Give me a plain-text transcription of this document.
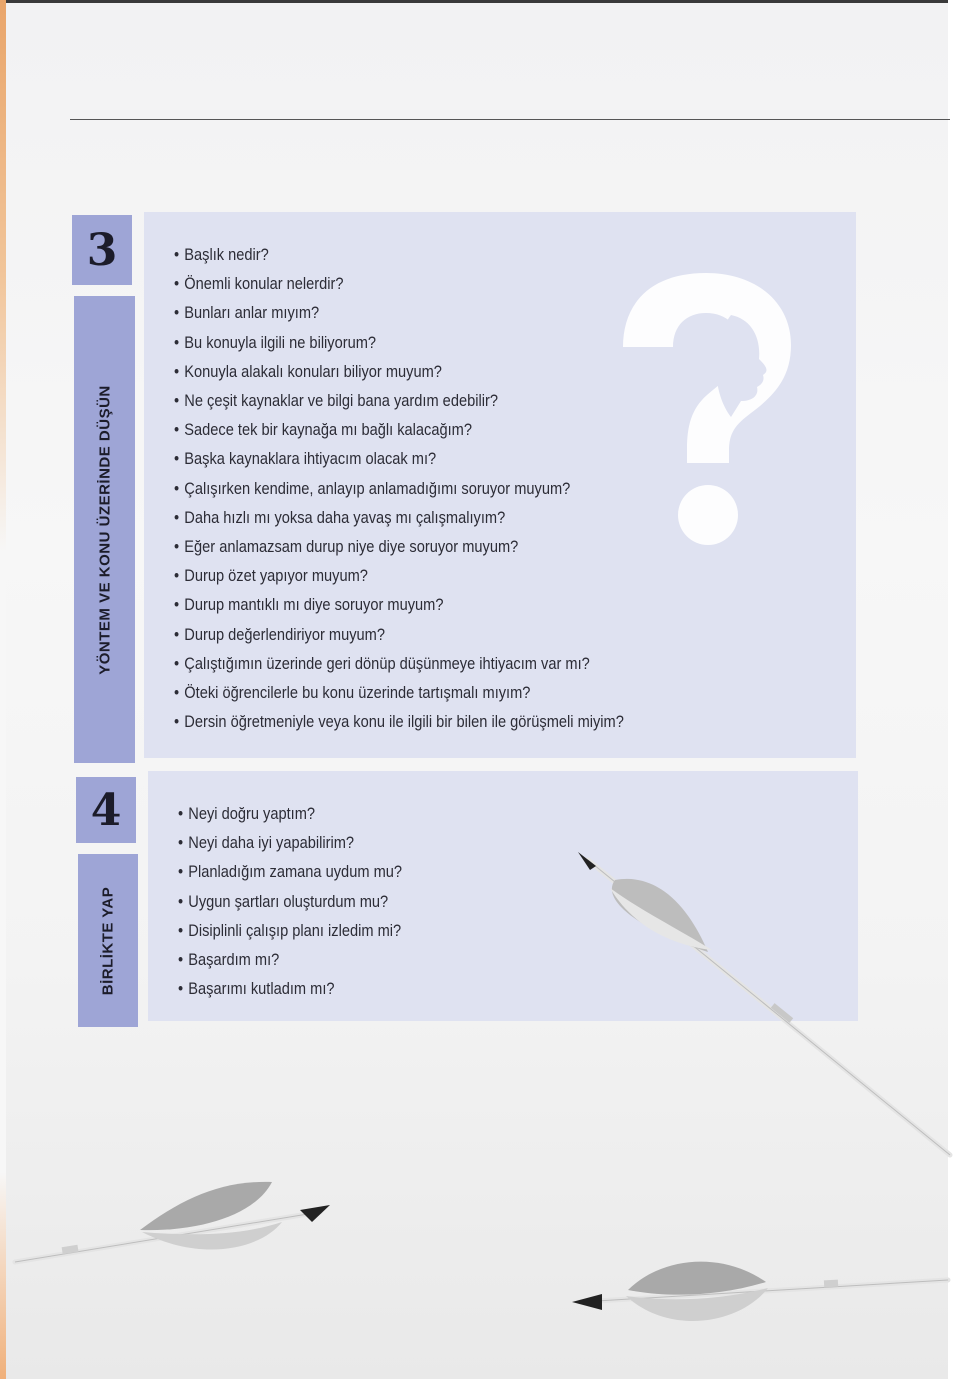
3
YÖNTEM VE KONU ÜZERİNDE DÜŞÜN
• Başlık nedir?
• Önemli konular nelerdir?
• Bunları anlar mıyım?
• Bu konuyla ilgili ne biliyorum?
• Konuyla alakalı konuları biliyor muyum?
• Ne çeşit kaynaklar ve bilgi bana yardım edebilir?
• Sadece tek bir kaynağa mı bağlı kalacağım?
• Başka kaynaklara ihtiyacım olacak mı?
• Çalışırken kendime, anlayıp anlamadığımı soruyor muyum?
• Daha hızlı mı yoksa daha yavaş mı çalışmalıyım?
• Eğer anlamazsam durup niye diye soruyor muyum?
• Durup özet yapıyor muyum?
• Durup mantıklı mı diye soruyor muyum?
• Durup değerlendiriyor muyum?
• Çalıştığımın üzerinde geri dönüp düşünmeye ihtiyacım var mı?
• Öteki öğrencilerle bu konu üzerinde tartışmalı mıyım?
• Dersin öğretmeniyle veya konu ile ilgili bir bilen ile görüşmeli miyim?
4
BİRLİKTE YAP
• Neyi doğru yaptım?
• Neyi daha iyi yapabilirim?
• Planladığım zamana uydum mu?
• Uygun şartları oluşturdum mu?
• Disiplinli çalışıp planı izledim mi?
• Başardım mı?
• Başarımı kutladım mı?
